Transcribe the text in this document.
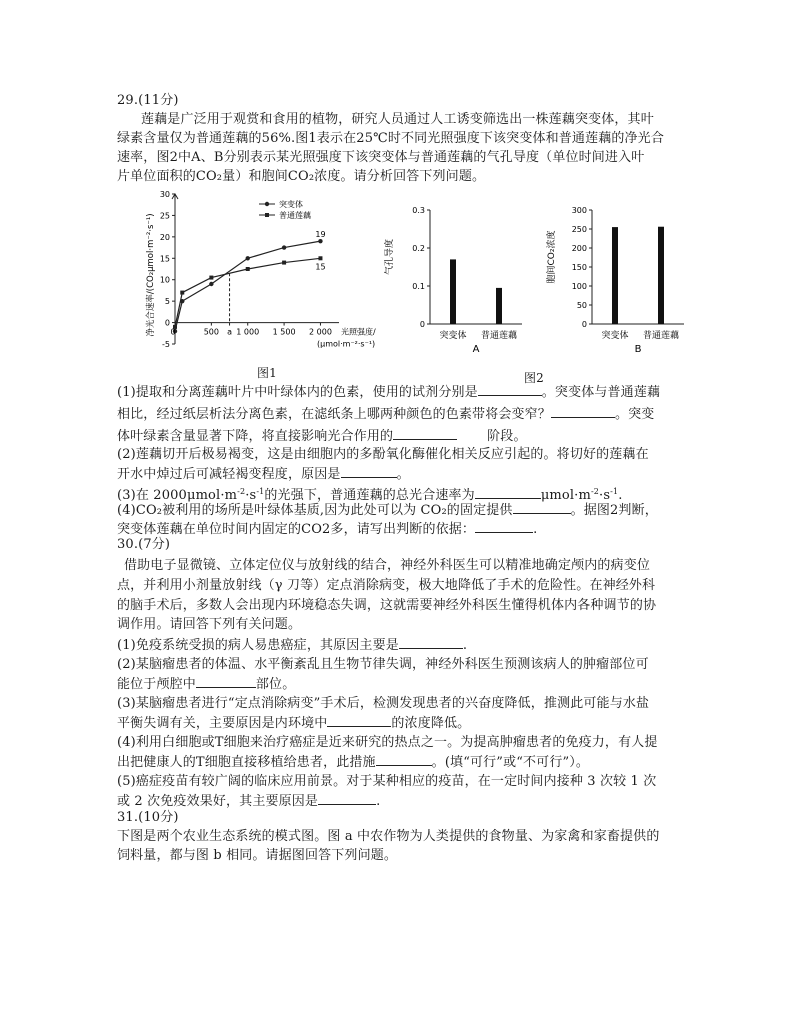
29.(11分)
莲藕是广泛用于观赏和食用的植物，研究人员通过人工诱变筛选出一株莲藕突变体，其叶
绿素含量仅为普通莲藕的56%.图1表示在25℃时不同光照强度下该突变体和普通莲藕的净光合
速率，图2中A、B分别表示某光照强度下该突变体与普通莲藕的气孔导度（单位时间进入叶
片单位面积的CO₂量）和胞间CO₂浓度。请分析回答下列问题。
-5
0
5
10
15
20
25
30
0	500 a 1 000 1 500 2 000
19
15
突变体
普通莲藕
净光合速率/(CO₂μmol·m⁻²·s⁻¹)	光照强度/
(μmol·m⁻²·s⁻¹)
0
0.1
0.2
0.3
突变体 普通莲藕
气孔导度
A
0
50
100
150
200
250
300
突变体 普通莲藕
胞间CO₂浓度
B
图1	图2
(1)提取和分离莲藕叶片中叶绿体内的色素，使用的试剂分别是	。突变体与普通莲藕
相比，经过纸层析法分离色素，在滤纸条上哪两种颜色的色素带将会变窄？	。突变
体叶绿素含量显著下降，将直接影响光合作用的	阶段。
(2)莲藕切开后极易褐变，这是由细胞内的多酚氧化酶催化相关反应引起的。将切好的莲藕在
开水中焯过后可减轻褐变程度，原因是	。
(3)在 $2000\mu mol\cdot m^{-2}\cdot s^{-1}$的光强下，普通莲藕的总光合速率为	$\mu mol\cdot m^{-2}\cdot s^{-1}$.
(4)CO₂被利用的场所是叶绿体基质,因为此处可以为 CO₂的固定提供	。据图2判断，
突变体莲藕在单位时间内固定的CO2多，请写出判断的依据：	.
30.(7分)
借助电子显微镜、立体定位仪与放射线的结合，神经外科医生可以精准地确定颅内的病变位
点，并利用小剂量放射线（γ 刀等）定点消除病变，极大地降低了手术的危险性。在神经外科
的脑手术后，多数人会出现内环境稳态失调，这就需要神经外科医生懂得机体内各种调节的协
调作用。请回答下列有关问题。
(1)免疫系统受损的病人易患癌症，其原因主要是	.
(2)某脑瘤患者的体温、水平衡紊乱且生物节律失调，神经外科医生预测该病人的肿瘤部位可
能位于颅腔中	部位。
(3)某脑瘤患者进行“定点消除病变”手术后，检测发现患者的兴奋度降低，推测此可能与水盐
平衡失调有关，主要原因是内环境中	的浓度降低。
(4)利用白细胞或T细胞来治疗癌症是近来研究的热点之一。为提高肿瘤患者的免疫力，有人提
出把健康人的T细胞直接移植给患者，此措施	。(填“可行”或“不可行”）。
(5)癌症疫苗有较广阔的临床应用前景。对于某种相应的疫苗，在一定时间内接种 3 次较 1 次
或 2 次免疫效果好，其主要原因是	.
31.(10分)
下图是两个农业生态系统的模式图。图 a 中农作物为人类提供的食物量、为家禽和家畜提供的
饲料量，都与图 b 相同。请据图回答下列问题。
